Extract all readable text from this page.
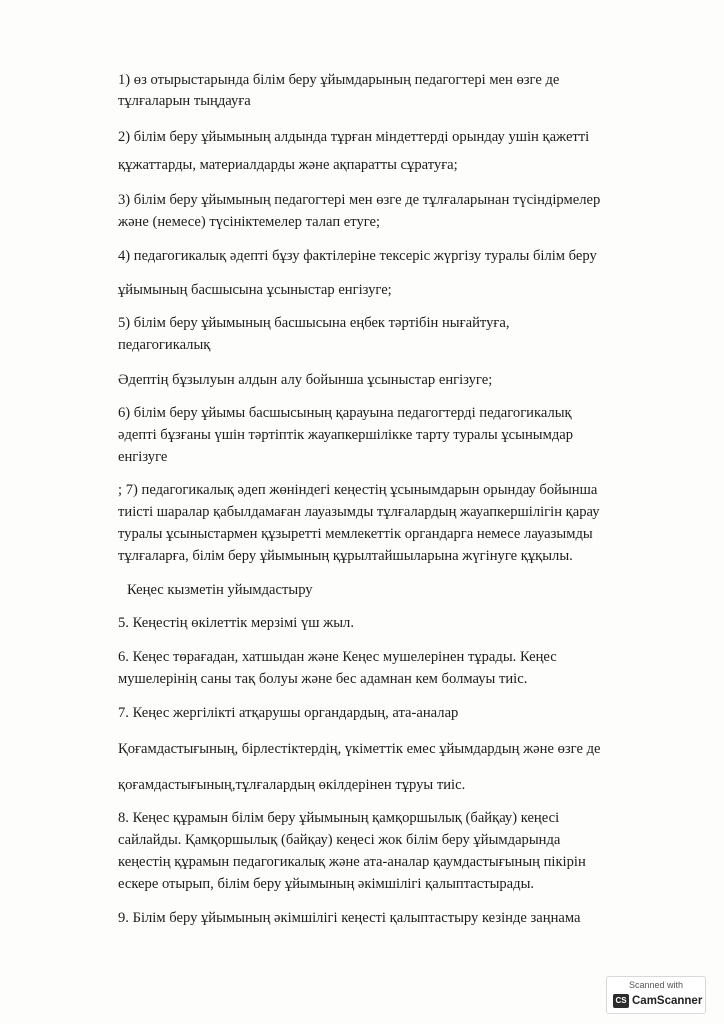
1) өз отырыстарында білім беру ұйымдарының педагогтері мен өзге де
тұлғаларын тыңдауға
2) білім беру ұйымының алдында тұрған міндеттерді орындау ушін қажетті
құжаттарды, материалдарды және ақпаратты сұратуға;
3) білім беру ұйымының педагогтері мен өзге де тұлғаларынан түсіндірмелер
және (немесе) түсініктемелер талап етуге;
4) педагогикалық әдепті бұзу фактілеріне тексеріс жүргізу туралы білім беру
ұйымының басшысына ұсыныстар енгізуге;
5) білім беру ұйымының басшысына еңбек тәртібін нығайтуға,
педагогикалық
Әдептің бұзылуын алдын алу бойынша ұсыныстар енгізуге;
6) білім беру ұйымы басшысының қарауына педагогтерді педагогикалық
әдепті бұзғаны үшін тәртіптік жауапкершілікке тарту туралы ұсынымдар
енгізуге
; 7) педагогикалық әдеп жөніндегі кеңестің ұсынымдарын орындау бойынша
тиісті шаралар қабылдамаған лауазымды тұлғалардың жауапкершілігін қарау
туралы ұсыныстармен құзыретті мемлекеттік органдарга немесе лауазымды
тұлғаларға, білім беру ұйымының құрылтайшыларына жүгінуге құқылы.
Кеңес кызметін уйымдастыру
5. Кеңестің өкілеттік мерзімі үш жыл.
6. Кеңес төрағадан, хатшыдан және Кеңес мушелерінен тұрады. Кеңес
мушелерінің саны тақ болуы және бес адамнан кем болмауы тиіс.
7. Кеңес жергілікті атқарушы органдардың, ата-аналар
Қоғамдастығының, бірлестіктердің, үкіметтік емес ұйымдардың және өзге де
қоғамдастығының,тұлғалардың өкілдерінен тұруы тиіс.
8. Кеңес құрамын білім беру ұйымының қамқоршылық (байқау) кеңесі
сайлайды. Қамқоршылық (байқау) кеңесі жок білім беру ұйымдарында
кеңестің құрамын педагогикалық және ата-аналар қаумдастығының пікірін
ескере отырып, білім беру ұйымының әкімшілігі қалыптастырады.
9. Білім беру ұйымының әкімшілігі кеңесті қалыптастыру кезінде заңнама
Scanned with
CS CamScanner
